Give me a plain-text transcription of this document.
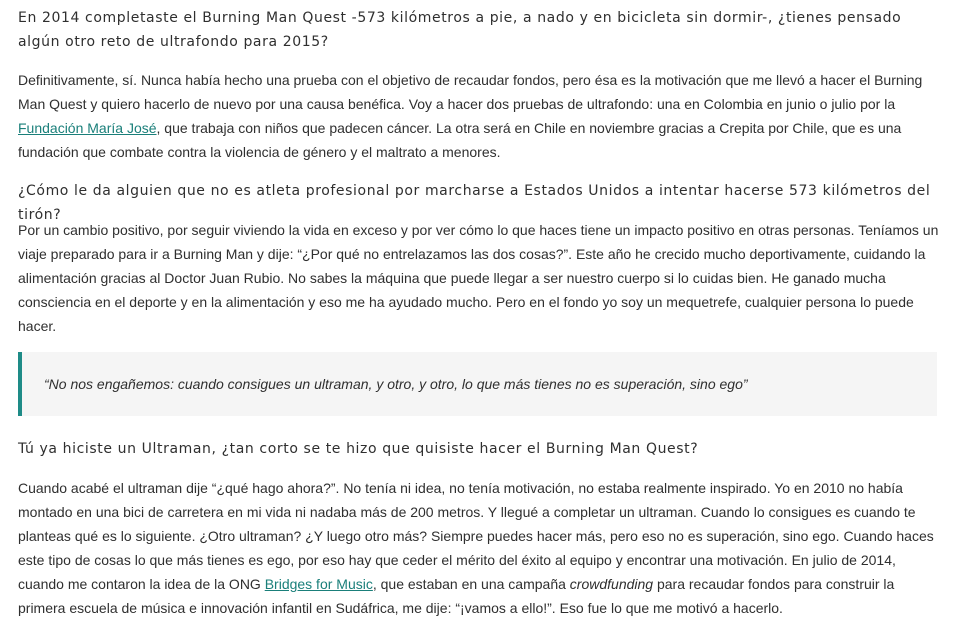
En 2014 completaste el Burning Man Quest -573 kilómetros a pie, a nado y en bicicleta sin dormir-, ¿tienes pensado algún otro reto de ultrafondo para 2015?

Definitivamente, sí. Nunca había hecho una prueba con el objetivo de recaudar fondos, pero ésa es la motivación que me llevó a hacer el Burning Man Quest y quiero hacerlo de nuevo por una causa benéfica. Voy a hacer dos pruebas de ultrafondo: una en Colombia en junio o julio por la Fundación María José, que trabaja con niños que padecen cáncer. La otra será en Chile en noviembre gracias a Crepita por Chile, que es una fundación que combate contra la violencia de género y el maltrato a menores.

¿Cómo le da alguien que no es atleta profesional por marcharse a Estados Unidos a intentar hacerse 573 kilómetros del tirón?

Por un cambio positivo, por seguir viviendo la vida en exceso y por ver cómo lo que haces tiene un impacto positivo en otras personas. Teníamos un viaje preparado para ir a Burning Man y dije: “¿Por qué no entrelazamos las dos cosas?”. Este año he crecido mucho deportivamente, cuidando la alimentación gracias al Doctor Juan Rubio. No sabes la máquina que puede llegar a ser nuestro cuerpo si lo cuidas bien. He ganado mucha consciencia en el deporte y en la alimentación y eso me ha ayudado mucho. Pero en el fondo yo soy un mequetrefe, cualquier persona lo puede hacer.

“No nos engañemos: cuando consigues un ultraman, y otro, y otro, lo que más tienes no es superación, sino ego”

Tú ya hiciste un Ultraman, ¿tan corto se te hizo que quisiste hacer el Burning Man Quest?

Cuando acabé el ultraman dije “¿qué hago ahora?”. No tenía ni idea, no tenía motivación, no estaba realmente inspirado. Yo en 2010 no había montado en una bici de carretera en mi vida ni nadaba más de 200 metros. Y llegué a completar un ultraman. Cuando lo consigues es cuando te planteas qué es lo siguiente. ¿Otro ultraman? ¿Y luego otro más? Siempre puedes hacer más, pero eso no es superación, sino ego. Cuando haces este tipo de cosas lo que más tienes es ego, por eso hay que ceder el mérito del éxito al equipo y encontrar una motivación. En julio de 2014, cuando me contaron la idea de la ONG Bridges for Music, que estaban en una campaña crowdfunding para recaudar fondos para construir la primera escuela de música e innovación infantil en Sudáfrica, me dije: “¡vamos a ello!”. Eso fue lo que me motivó a hacerlo.
